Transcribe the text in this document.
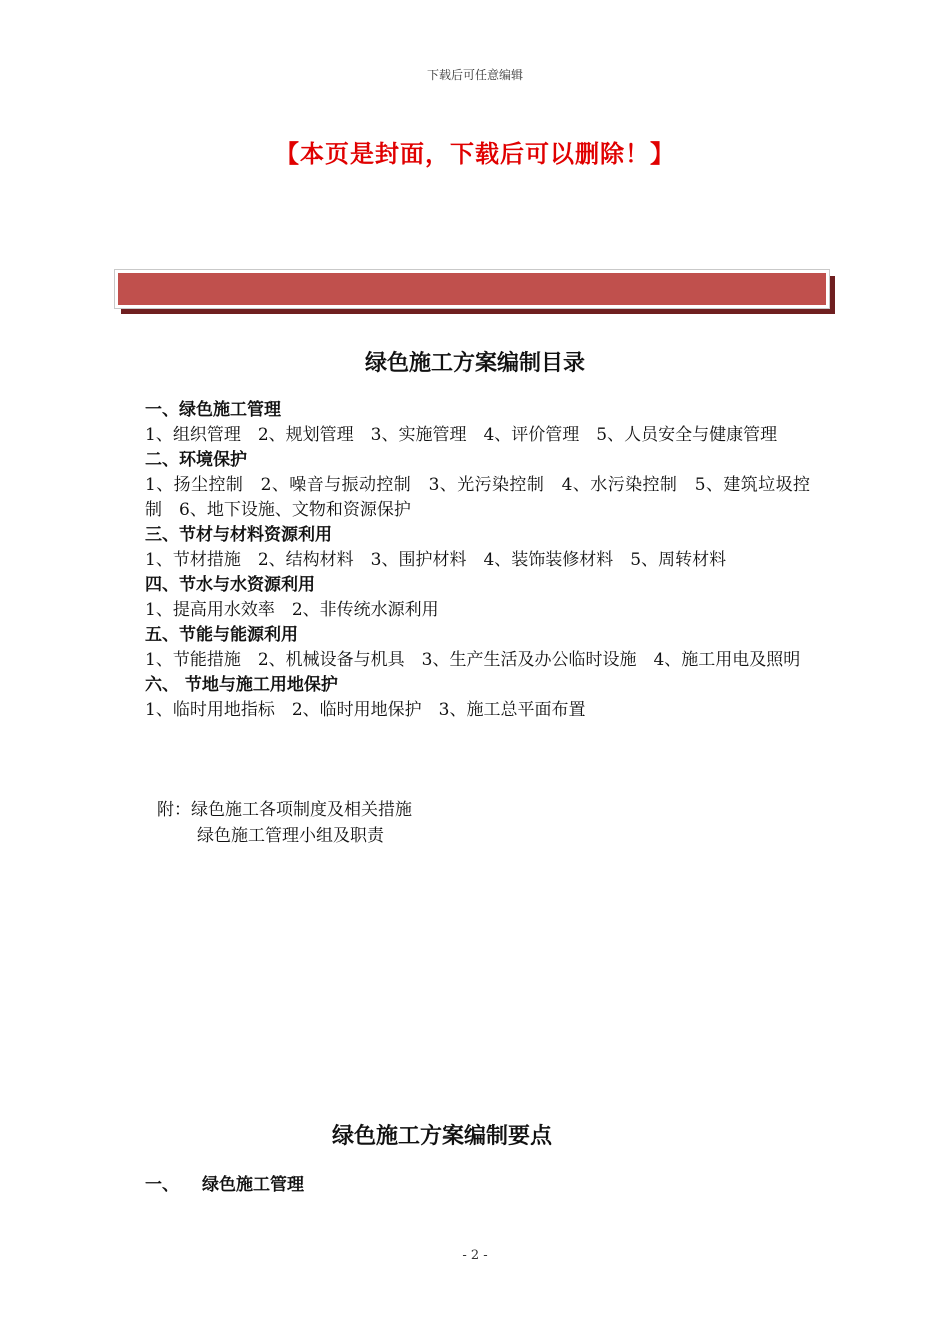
下载后可任意编辑
【本页是封面，下载后可以删除！】
绿色施工方案编制目录
一、绿色施工管理
1、组织管理　2、规划管理　3、实施管理　4、评价管理　5、人员安全与健康管理
二、环境保护
1、扬尘控制　2、噪音与振动控制　3、光污染控制　4、水污染控制　5、建筑垃圾控制　6、地下设施、文物和资源保护
三、节材与材料资源利用
1、节材措施　2、结构材料　3、围护材料　4、装饰装修材料　5、周转材料
四、节水与水资源利用
1、提高用水效率　2、非传统水源利用
五、节能与能源利用
1、节能措施　2、机械设备与机具　3、生产生活及办公临时设施　4、施工用电及照明
六、 节地与施工用地保护
1、临时用地指标　2、临时用地保护　3、施工总平面布置
附：绿色施工各项制度及相关措施
绿色施工管理小组及职责
绿色施工方案编制要点
一、 绿色施工管理
- 2 -
